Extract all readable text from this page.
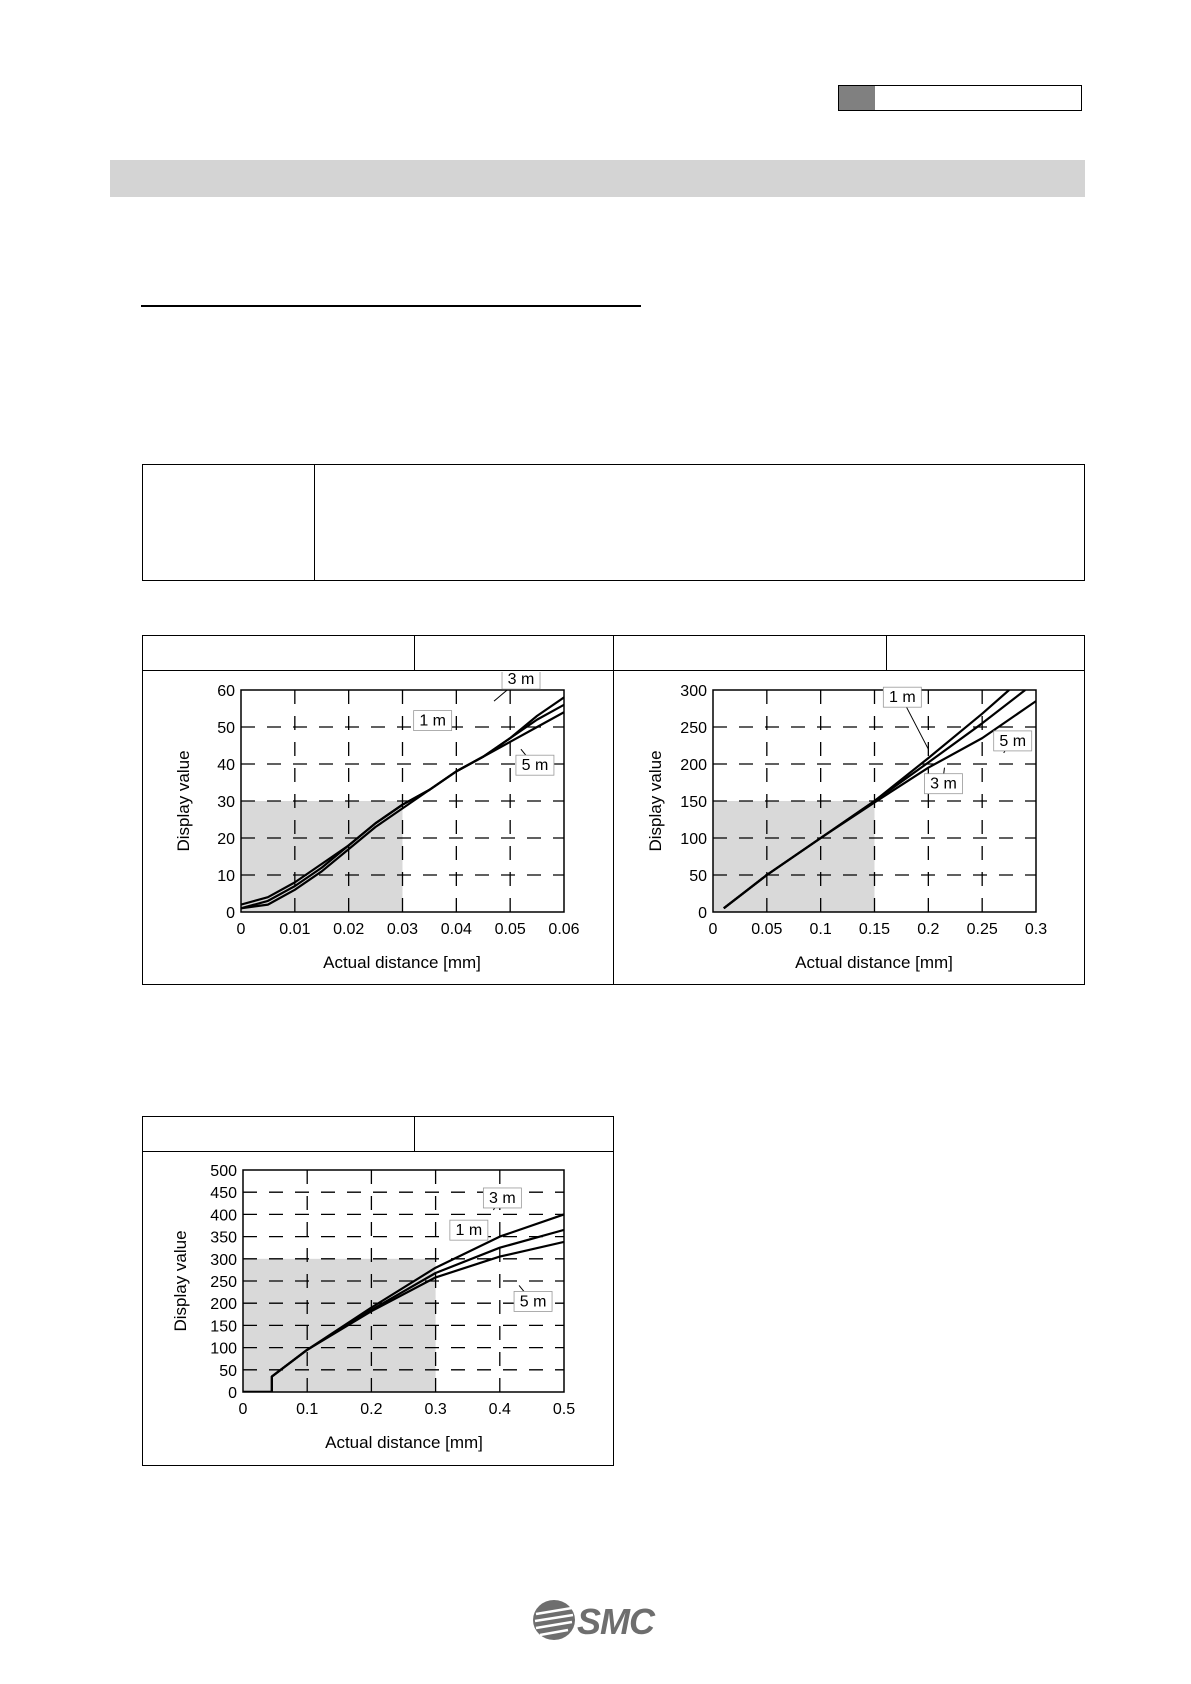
0 0.01 0.02 0.03 0.04 0.05 0.06
0
10
20
30
40
50
60
1 m
3 m
5 m
Display value
Actual distance [mm]
0 0.05 0.1 0.15 0.2 0.25 0.3
0
50
100
150
200
250
300	1 m
3 m
5 m
Display value
Actual distance [mm]
0	0.1	0.2	0.3	0.4	0.5
0
50
100
150
200
250
300
350
400
450
500
1 m
3 m
5 m
Display value
Actual distance [mm]
SMC
